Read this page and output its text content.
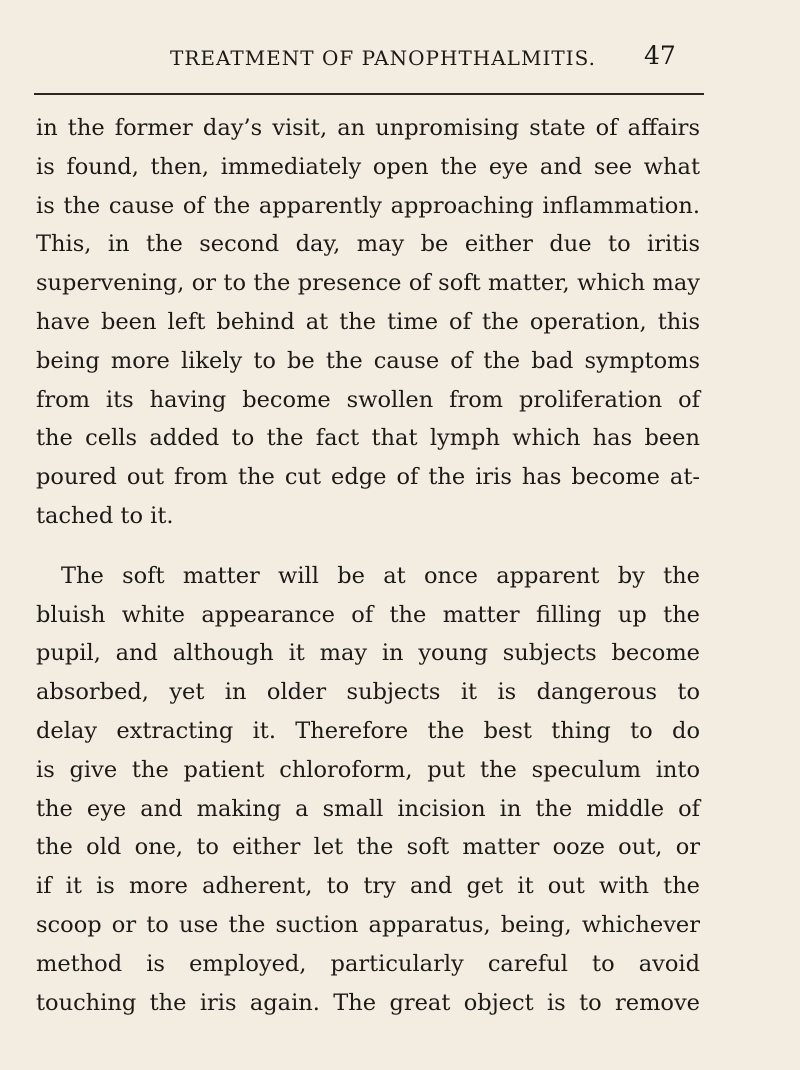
TREATMENT OF PANOPHTHALMITIS. 47
in the former day’s visit, an unpromising state of affairs
is found, then, immediately open the eye and see what
is the cause of the apparently approaching inflammation.
This, in the second day, may be either due to iritis
supervening, or to the presence of soft matter, which may
have been left behind at the time of the operation, this
being more likely to be the cause of the bad symptoms
from its having become swollen from proliferation of
the cells added to the fact that lymph which has been
poured out from the cut edge of the iris has become at-
tached to it.
The soft matter will be at once apparent by the
bluish white appearance of the matter filling up the
pupil, and although it may in young subjects become
absorbed, yet in older subjects it is dangerous to
delay extracting it. Therefore the best thing to do
is give the patient chloroform, put the speculum into
the eye and making a small incision in the middle of
the old one, to either let the soft matter ooze out, or
if it is more adherent, to try and get it out with the
scoop or to use the suction apparatus, being, whichever
method is employed, particularly careful to avoid
touching the iris again. The great object is to remove
